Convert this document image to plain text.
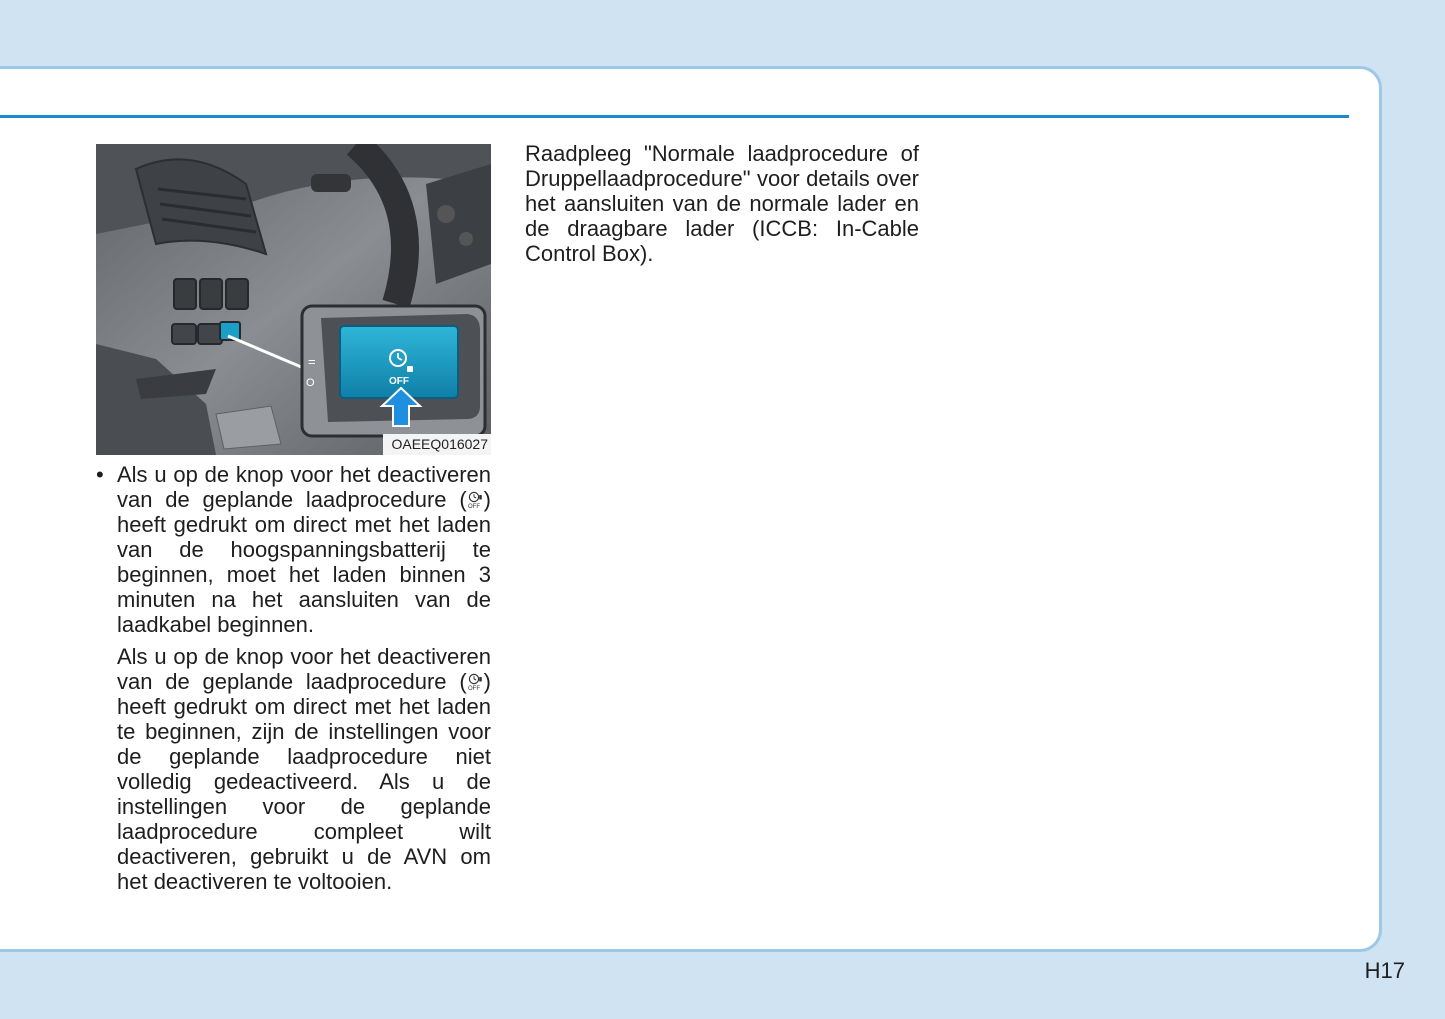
=
O	OFF
OAEEQ016027
• Als u op de knop voor het deactiveren van de geplande laadprocedure ( OFF ) heeft gedrukt om direct met het laden van de hoogspanningsbatterij te beginnen, moet het laden binnen 3 minuten na het aansluiten van de laadkabel beginnen.
Als u op de knop voor het deactiveren van de geplande laadprocedure ( OFF ) heeft gedrukt om direct met het laden te beginnen, zijn de instellingen voor de geplande laadprocedure niet volledig gedeactiveerd. Als u de instellingen voor de geplande laadprocedure compleet wilt deactiveren, gebruikt u de AVN om het deactiveren te voltooien.

Raadpleeg "Normale laadprocedure of Druppellaadprocedure" voor details over het aansluiten van de normale lader en de draagbare lader (ICCB: In-Cable Control Box).

H17
